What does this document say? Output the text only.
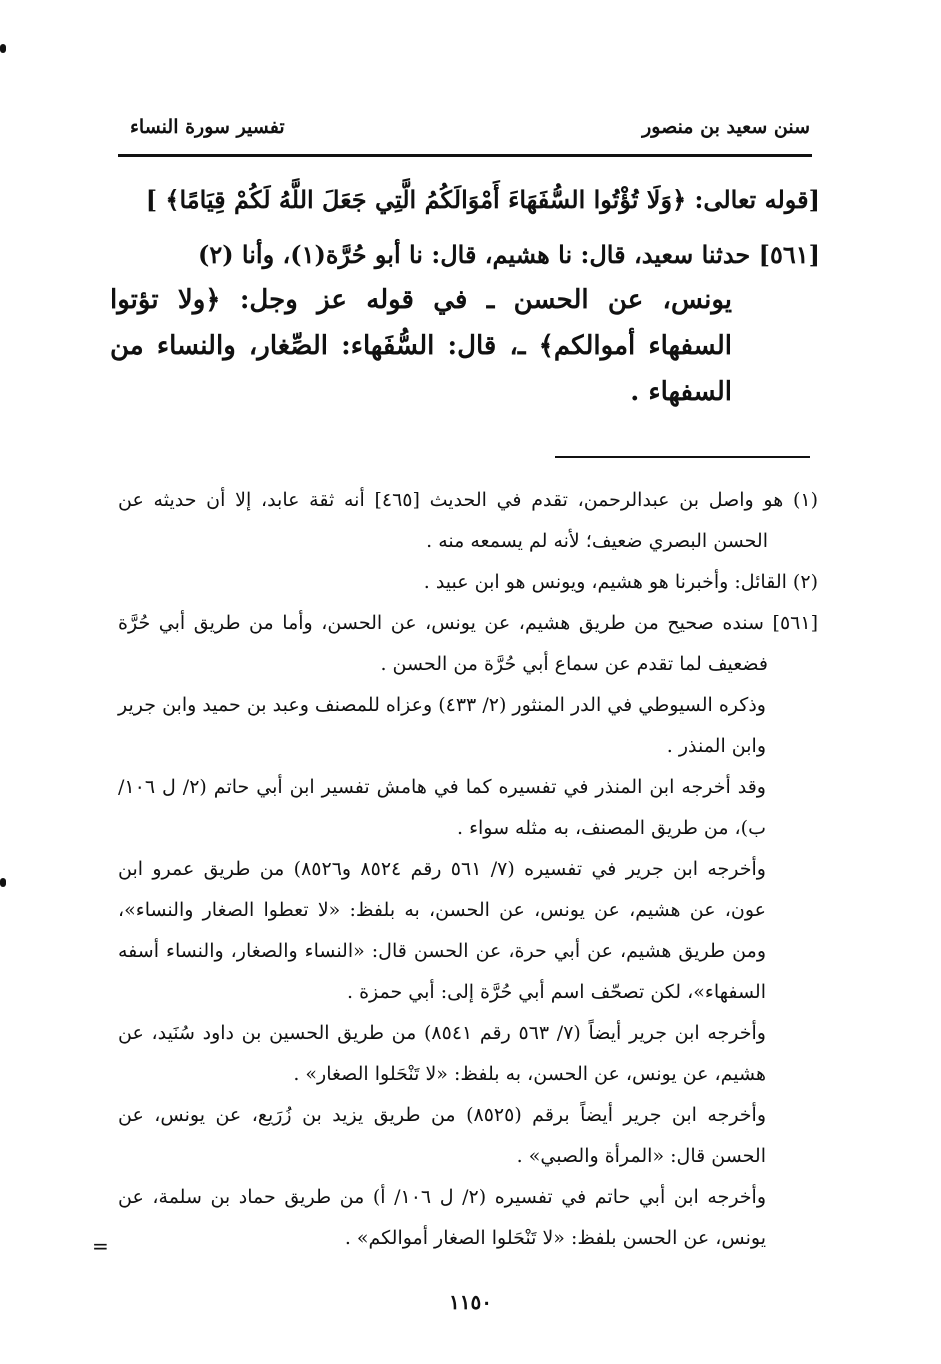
سنن سعيد بن منصور
تفسير سورة النساء
[قوله تعالى: ﴿وَلَا تُؤْتُوا السُّفَهَاءَ أَمْوَالَكُمُ الَّتِي جَعَلَ اللَّهُ لَكُمْ قِيَامًا﴾ ]
[٥٦١] حدثنا سعيد، قال: نا هشيم، قال: نا أبو حُرَّة(١)، وأنا (٢)
يونس، عن الحسن ـ في قوله عز وجل: ﴿ولا تؤتوا السفهاء أموالكم﴾ ـ، قال: السُّفَهاء: الصِّغار، والنساء من السفهاء .

(١) هو واصل بن عبدالرحمن، تقدم في الحديث [٤٦٥] أنه ثقة عابد، إلا أن حديثه عن الحسن البصري ضعيف؛ لأنه لم يسمعه منه .

(٢) القائل: وأخبرنا هو هشيم، ويونس هو ابن عبيد .

[٥٦١] سنده صحيح من طريق هشيم، عن يونس، عن الحسن، وأما من طريق أبي حُرَّة فضعيف لما تقدم عن سماع أبي حُرَّة من الحسن .

وذكره السيوطي في الدر المنثور (٢/ ٤٣٣) وعزاه للمصنف وعبد بن حميد وابن جرير وابن المنذر .

وقد أخرجه ابن المنذر في تفسيره كما في هامش تفسير ابن أبي حاتم (٢/ ل ١٠٦/ ب)، من طريق المصنف، به مثله سواء .

وأخرجه ابن جرير في تفسيره (٧/ ٥٦١ رقم ٨٥٢٤ و٨٥٢٦) من طريق عمرو ابن عون، عن هشيم، عن يونس، عن الحسن، به بلفظ: «لا تعطوا الصغار والنساء»، ومن طريق هشيم، عن أبي حرة، عن الحسن قال: «النساء والصغار، والنساء أسفه السفهاء»، لكن تصحّف اسم أبي حُرَّة إلى: أبي حمزة .

وأخرجه ابن جرير أيضاً (٧/ ٥٦٣ رقم ٨٥٤١) من طريق الحسين بن داود سُنَيد، عن هشيم، عن يونس، عن الحسن، به بلفظ: «لا تَنْحَلوا الصغار» .

وأخرجه ابن جرير أيضاً برقم (٨٥٢٥) من طريق يزيد بن زُرَيع، عن يونس، عن الحسن قال: «المرأة والصبي» .

وأخرجه ابن أبي حاتم في تفسيره (٢/ ل ١٠٦/ أ) من طريق حماد بن سلمة، عن يونس، عن الحسن بلفظ: «لا تَنْحَلوا الصغار أموالكم» .

=
١١٥٠
